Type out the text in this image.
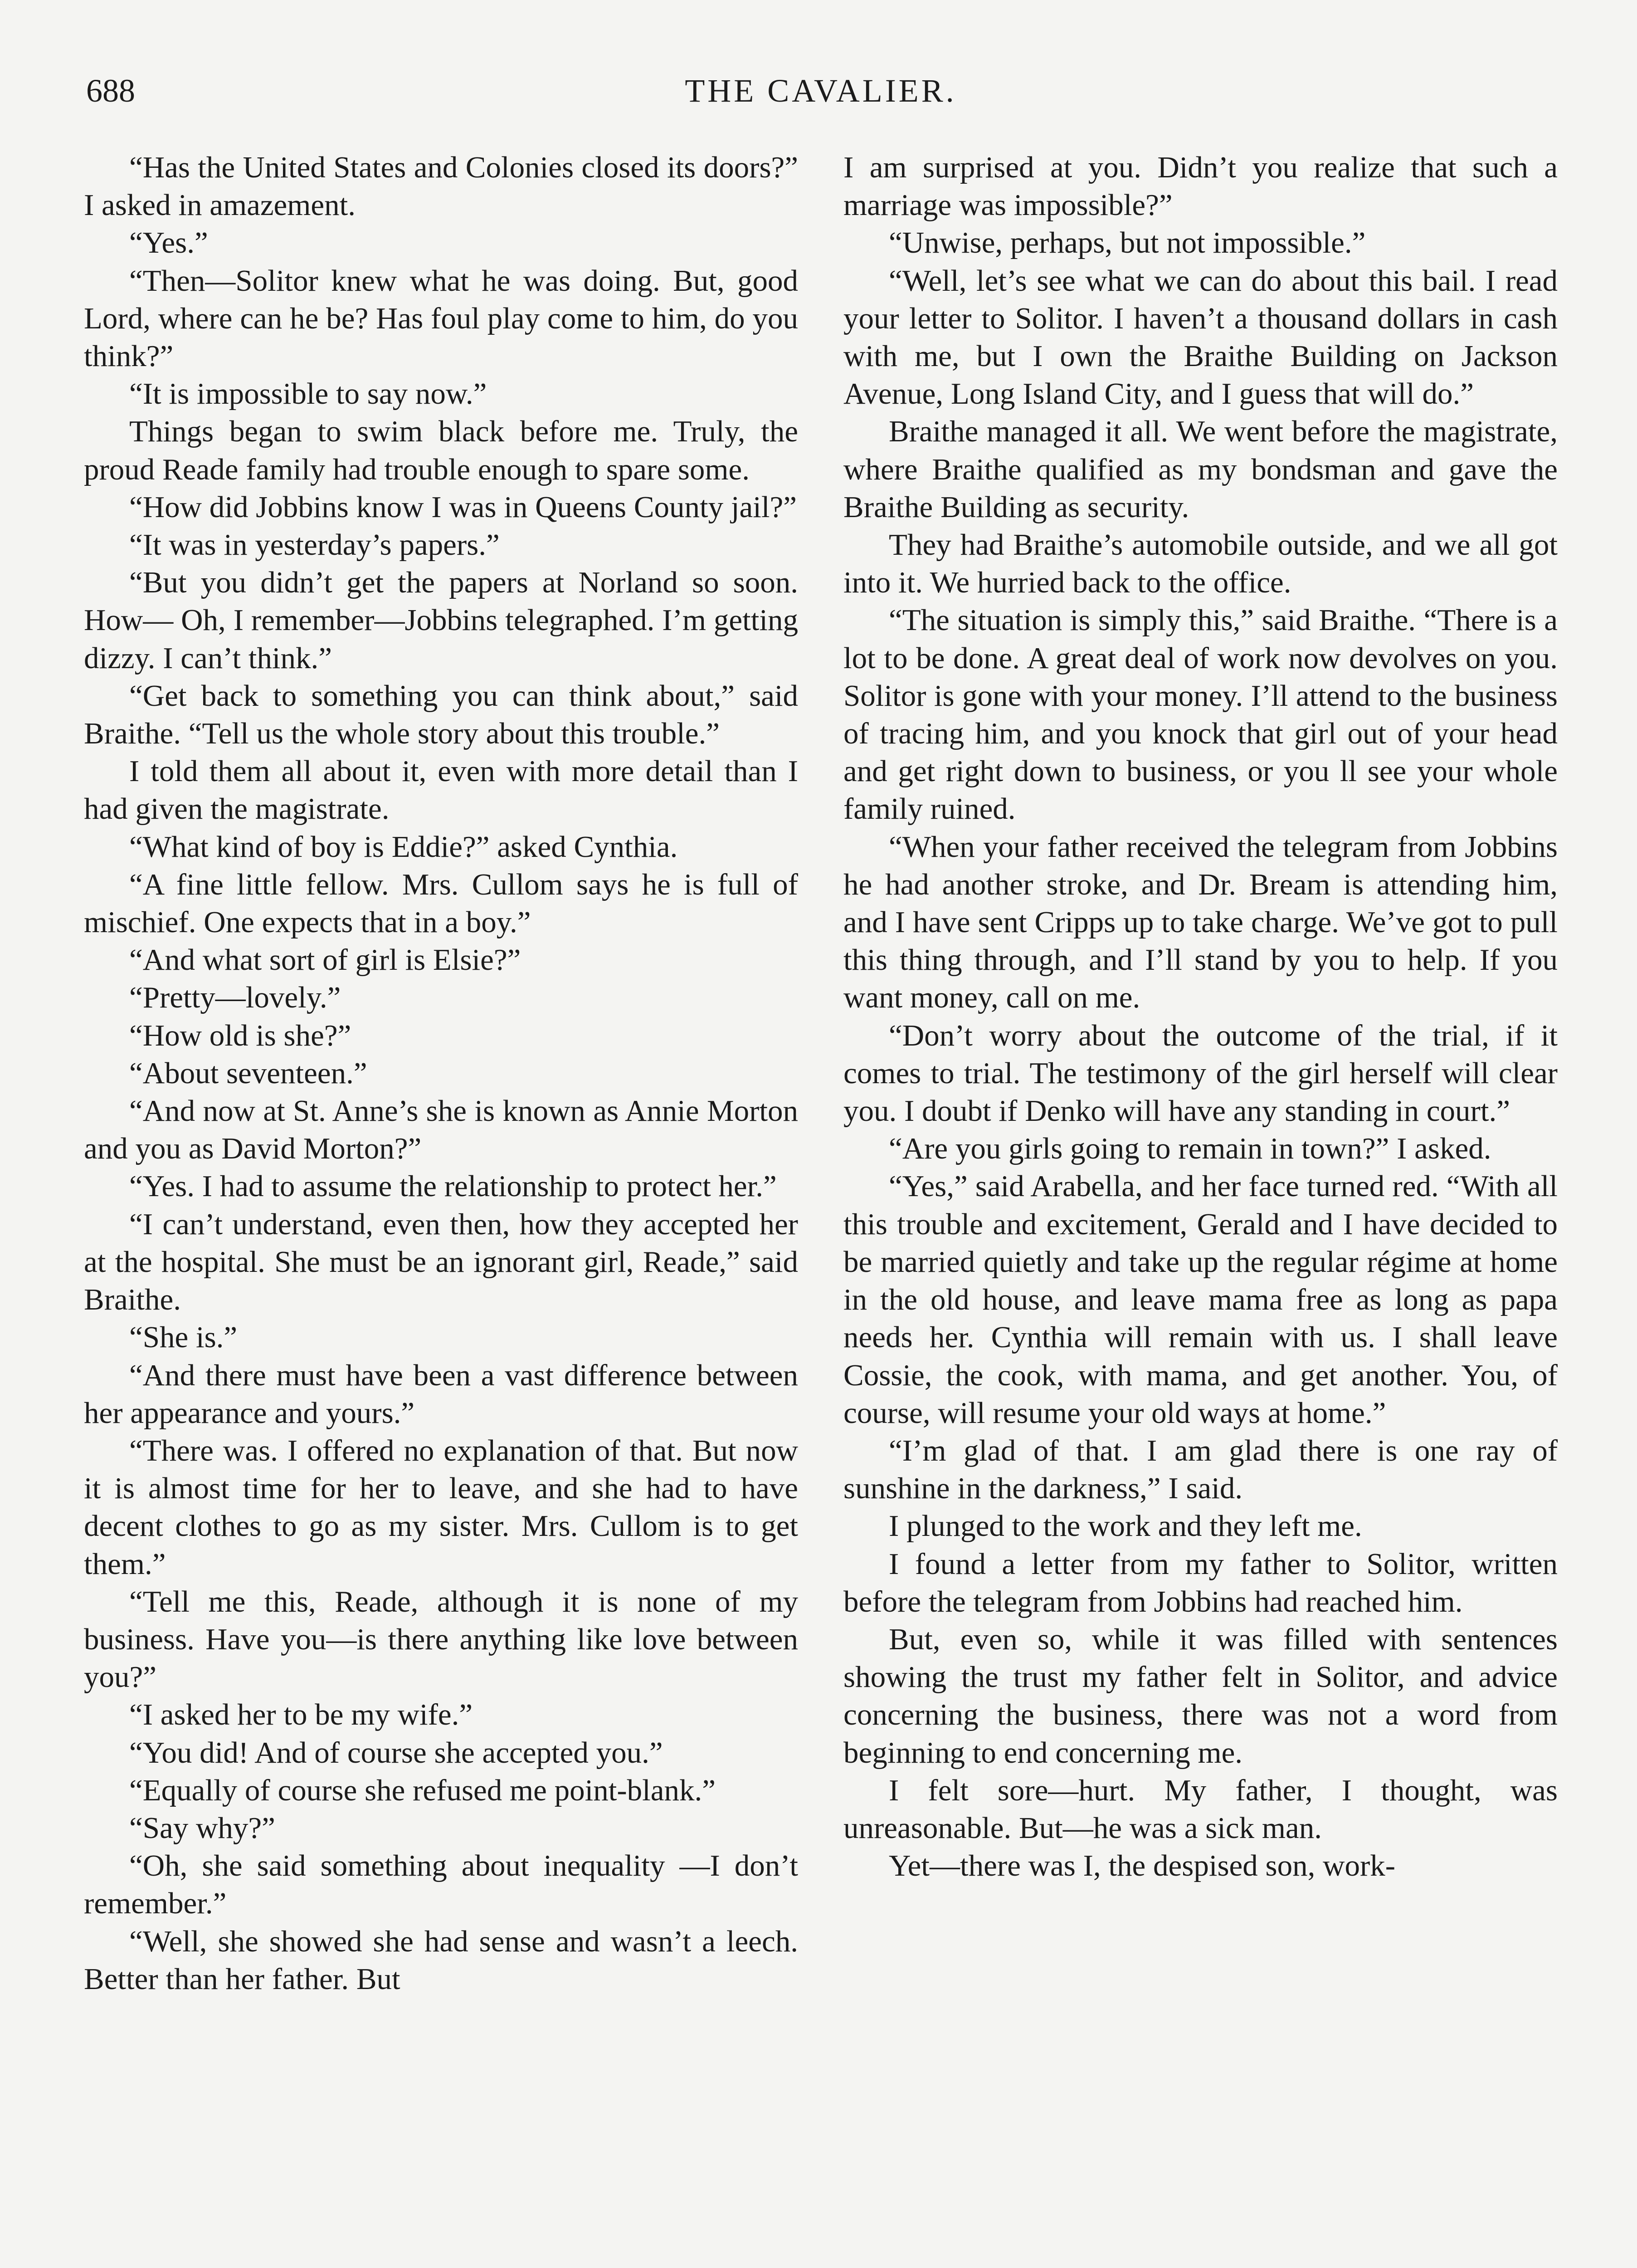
688	THE CAVALIER.

“Has the United States and Colonies closed its doors?” I asked in amazement.

“Yes.”

“Then—Solitor knew what he was doing. But, good Lord, where can he be? Has foul play come to him, do you think?”

“It is impossible to say now.”

Things began to swim black before me. Truly, the proud Reade family had trouble enough to spare some.

“How did Jobbins know I was in Queens County jail?”

“It was in yesterday’s papers.”

“But you didn’t get the papers at Norland so soon. How— Oh, I remember—Jobbins telegraphed. I’m getting dizzy. I can’t think.”

“Get back to something you can think about,” said Braithe. “Tell us the whole story about this trouble.”

I told them all about it, even with more detail than I had given the magistrate.

“What kind of boy is Eddie?” asked Cynthia.

“A fine little fellow. Mrs. Cullom says he is full of mischief. One expects that in a boy.”

“And what sort of girl is Elsie?”

“Pretty—lovely.”

“How old is she?”

“About seventeen.”

“And now at St. Anne’s she is known as Annie Morton and you as David Morton?”

“Yes. I had to assume the relationship to protect her.”

“I can’t understand, even then, how they accepted her at the hospital. She must be an ignorant girl, Reade,” said Braithe.

“She is.”

“And there must have been a vast difference between her appearance and yours.”

“There was. I offered no explanation of that. But now it is almost time for her to leave, and she had to have decent clothes to go as my sister. Mrs. Cullom is to get them.”

“Tell me this, Reade, although it is none of my business. Have you—is there anything like love between you?”

“I asked her to be my wife.”

“You did! And of course she accepted you.”

“Equally of course she refused me point-blank.”

“Say why?”

“Oh, she said something about inequality —I don’t remember.”

“Well, she showed she had sense and wasn’t a leech. Better than her father. But

I am surprised at you. Didn’t you realize that such a marriage was impossible?”

“Unwise, perhaps, but not impossible.”

“Well, let’s see what we can do about this bail. I read your letter to Solitor. I haven’t a thousand dollars in cash with me, but I own the Braithe Building on Jackson Avenue, Long Island City, and I guess that will do.”

Braithe managed it all. We went before the magistrate, where Braithe qualified as my bondsman and gave the Braithe Building as security.

They had Braithe’s automobile outside, and we all got into it. We hurried back to the office.

“The situation is simply this,” said Braithe. “There is a lot to be done. A great deal of work now devolves on you. Solitor is gone with your money. I’ll attend to the business of tracing him, and you knock that girl out of your head and get right down to business, or you ll see your whole family ruined.

“When your father received the telegram from Jobbins he had another stroke, and Dr. Bream is attending him, and I have sent Cripps up to take charge. We’ve got to pull this thing through, and I’ll stand by you to help. If you want money, call on me.

“Don’t worry about the outcome of the trial, if it comes to trial. The testimony of the girl herself will clear you. I doubt if Denko will have any standing in court.”

“Are you girls going to remain in town?” I asked.

“Yes,” said Arabella, and her face turned red. “With all this trouble and excitement, Gerald and I have decided to be married quietly and take up the regular régime at home in the old house, and leave mama free as long as papa needs her. Cynthia will remain with us. I shall leave Cossie, the cook, with mama, and get another. You, of course, will resume your old ways at home.”

“I’m glad of that. I am glad there is one ray of sunshine in the darkness,” I said.

I plunged to the work and they left me.

I found a letter from my father to Solitor, written before the telegram from Jobbins had reached him.

But, even so, while it was filled with sentences showing the trust my father felt in Solitor, and advice concerning the business, there was not a word from beginning to end concerning me.

I felt sore—hurt. My father, I thought, was unreasonable. But—he was a sick man.

Yet—there was I, the despised son, work-
